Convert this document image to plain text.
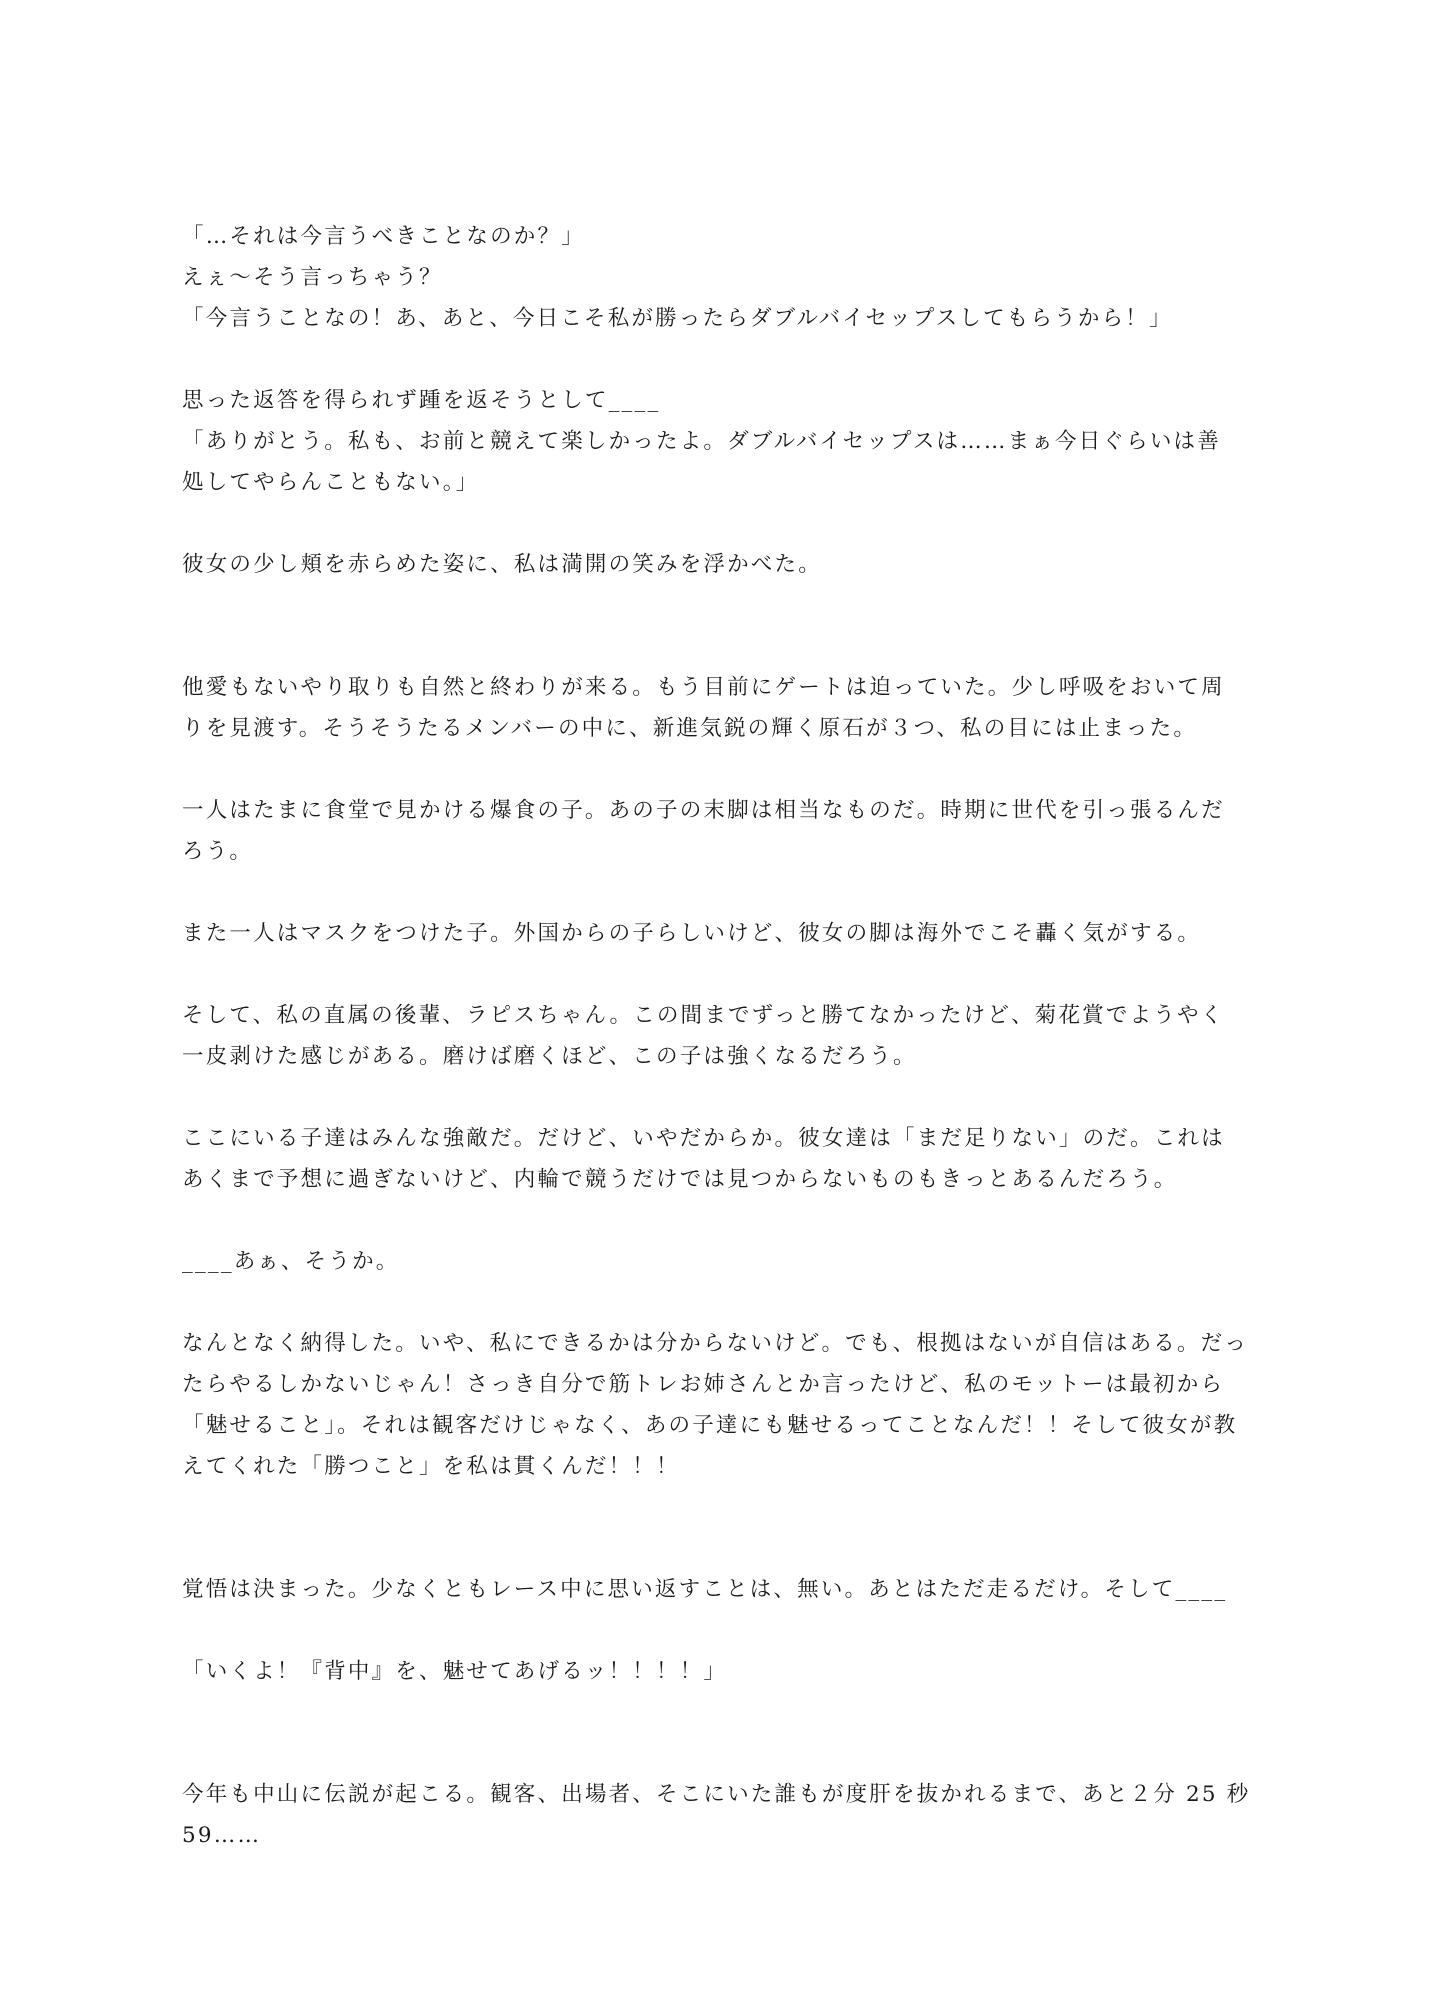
「…それは今言うべきことなのか？」
えぇ〜そう言っちゃう？
「今言うことなの！あ、あと、今日こそ私が勝ったらダブルバイセップスしてもらうから！」
思った返答を得られず踵を返そうとして____
「ありがとう。私も、お前と競えて楽しかったよ。ダブルバイセップスは……まぁ今日ぐらいは善
処してやらんこともない。」
彼女の少し頬を赤らめた姿に、私は満開の笑みを浮かべた。
他愛もないやり取りも自然と終わりが来る。もう目前にゲートは迫っていた。少し呼吸をおいて周
りを見渡す。そうそうたるメンバーの中に、新進気鋭の輝く原石が３つ、私の目には止まった。
一人はたまに食堂で見かける爆食の子。あの子の末脚は相当なものだ。時期に世代を引っ張るんだ
ろう。
また一人はマスクをつけた子。外国からの子らしいけど、彼女の脚は海外でこそ轟く気がする。
そして、私の直属の後輩、ラピスちゃん。この間までずっと勝てなかったけど、菊花賞でようやく
一皮剥けた感じがある。磨けば磨くほど、この子は強くなるだろう。
ここにいる子達はみんな強敵だ。だけど、いやだからか。彼女達は「まだ足りない」のだ。これは
あくまで予想に過ぎないけど、内輪で競うだけでは見つからないものもきっとあるんだろう。
____あぁ、そうか。
なんとなく納得した。いや、私にできるかは分からないけど。でも、根拠はないが自信はある。だっ
たらやるしかないじゃん！さっき自分で筋トレお姉さんとか言ったけど、私のモットーは最初から
「魅せること」。それは観客だけじゃなく、あの子達にも魅せるってことなんだ！！そして彼女が教
えてくれた「勝つこと」を私は貫くんだ！！！
覚悟は決まった。少なくともレース中に思い返すことは、無い。あとはただ走るだけ。そして____
「いくよ！『背中』を、魅せてあげるッ！！！！」
今年も中山に伝説が起こる。観客、出場者、そこにいた誰もが度肝を抜かれるまで、あと２分 25 秒
59……
